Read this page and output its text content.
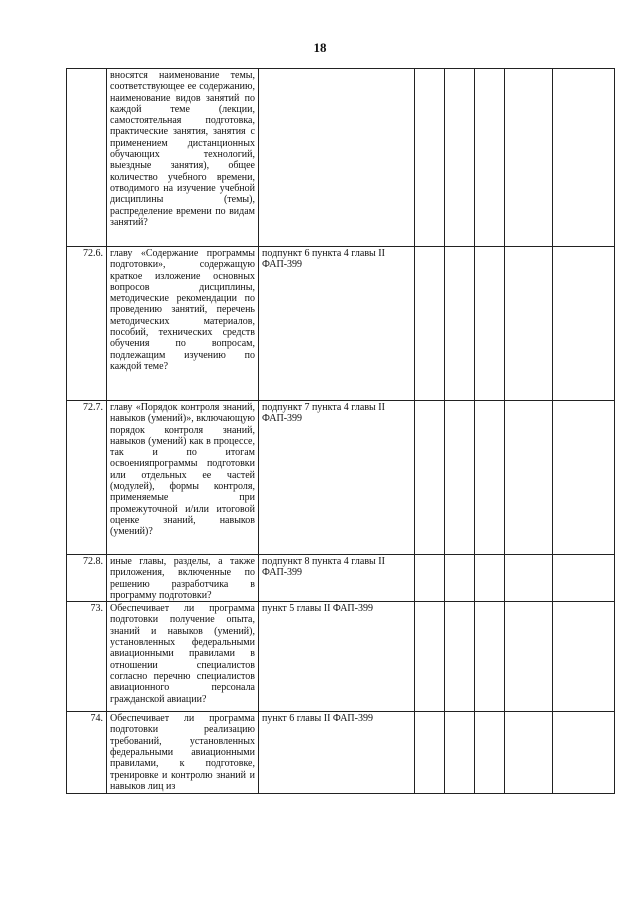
18
	вносятся наименование темы, соответствующее ее содержанию, наименование видов занятий по каждой теме (лекции, самостоятельная подготовка, практические занятия, занятия с применением дистанционных обучающих технологий, выездные занятия), общее количество учебного времени, отводимого на изучение учебной дисциплины (темы), распределение времени по видам занятий?						
72.6.	главу «Содержание программы подготовки», содержащую краткое изложение основных вопросов дисциплины, методические рекомендации по проведению занятий, перечень методических материалов, пособий, технических средств обучения по вопросам, подлежащим изучению по каждой теме?	подпункт 6 пункта 4 главы II ФАП-399					
72.7.	главу «Порядок контроля знаний, навыков (умений)», включающую порядок контроля знаний, навыков (умений) как в процессе, так и по итогам освоенияпрограммы подготовки или отдельных ее частей (модулей), формы контроля, применяемые при промежуточной и/или итоговой оценке знаний, навыков (умений)?	подпункт 7 пункта 4 главы II ФАП-399					
72.8.	иные главы, разделы, а также приложения, включенные по решению разработчика в программу подготовки?	подпункт 8 пункта 4 главы II ФАП-399					
73.	Обеспечивает ли программа подготовки получение опыта, знаний и навыков (умений), установленных федеральными авиационными правилами в отношении специалистов согласно перечню специалистов авиационного персонала гражданской авиации?	пункт 5 главы II ФАП-399					
74.	Обеспечивает ли программа подготовки реализацию требований, установленных федеральными авиационными правилами, к подготовке, тренировке и контролю знаний и навыков лиц из	пункт 6 главы II ФАП-399					
